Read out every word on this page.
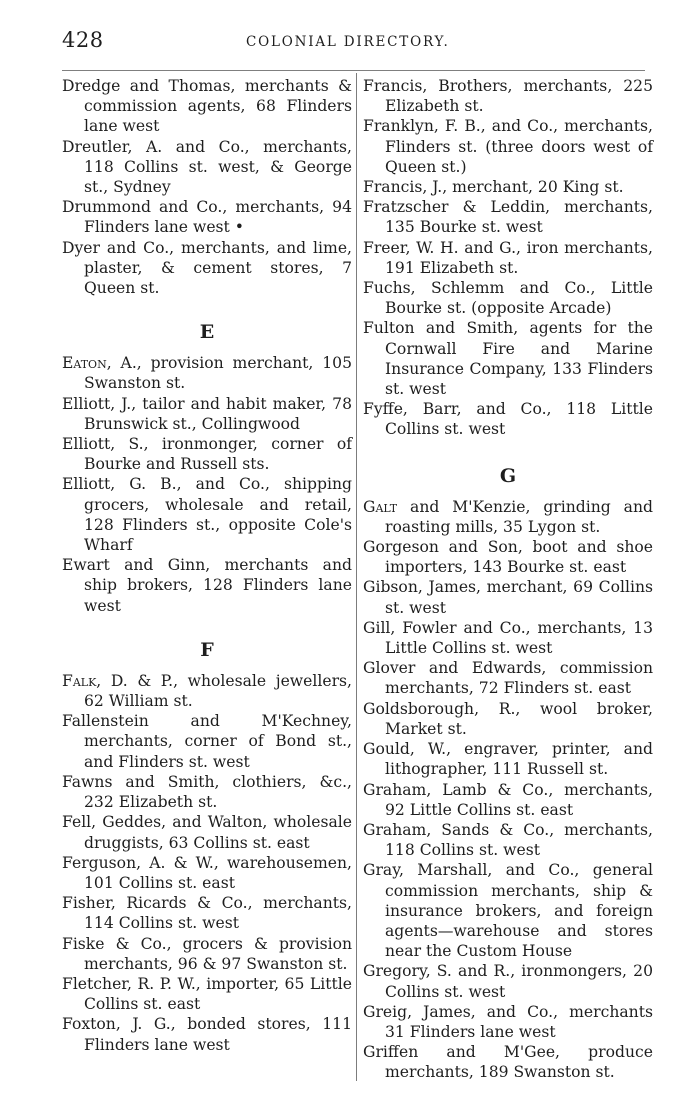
428	COLONIAL DIRECTORY.
Dredge and Thomas, merchants & commission agents, 68 Flinders lane west
Dreutler, A. and Co., merchants, 118 Collins st. west, & George st., Sydney
Drummond and Co., merchants, 94 Flinders lane west •
Dyer and Co., merchants, and lime, plaster, & cement stores, 7 Queen st.
E
Eaton, A., provision merchant, 105 Swanston st.
Elliott, J., tailor and habit maker, 78 Brunswick st., Collingwood
Elliott, S., ironmonger, corner of Bourke and Russell sts.
Elliott, G. B., and Co., shipping grocers, wholesale and retail, 128 Flinders st., opposite Cole's Wharf
Ewart and Ginn, merchants and ship brokers, 128 Flinders lane west
F
Falk, D. & P., wholesale jewellers, 62 William st.
Fallenstein and M'Kechney, merchants, corner of Bond st., and Flinders st. west
Fawns and Smith, clothiers, &c., 232 Elizabeth st.
Fell, Geddes, and Walton, wholesale druggists, 63 Collins st. east
Ferguson, A. & W., warehousemen, 101 Collins st. east
Fisher, Ricards & Co., merchants, 114 Collins st. west
Fiske & Co., grocers & provision merchants, 96 & 97 Swanston st.
Fletcher, R. P. W., importer, 65 Little Collins st. east
Foxton, J. G., bonded stores, 111 Flinders lane west
Francis, Brothers, merchants, 225 Elizabeth st.
Franklyn, F. B., and Co., merchants, Flinders st. (three doors west of Queen st.)
Francis, J., merchant, 20 King st.
Fratzscher & Leddin, merchants, 135 Bourke st. west
Freer, W. H. and G., iron merchants, 191 Elizabeth st.
Fuchs, Schlemm and Co., Little Bourke st. (opposite Arcade)
Fulton and Smith, agents for the Cornwall Fire and Marine Insurance Company, 133 Flinders st. west
Fyffe, Barr, and Co., 118 Little Collins st. west
G
Galt and M'Kenzie, grinding and roasting mills, 35 Lygon st.
Gorgeson and Son, boot and shoe importers, 143 Bourke st. east
Gibson, James, merchant, 69 Collins st. west
Gill, Fowler and Co., merchants, 13 Little Collins st. west
Glover and Edwards, commission merchants, 72 Flinders st. east
Goldsborough, R., wool broker, Market st.
Gould, W., engraver, printer, and lithographer, 111 Russell st.
Graham, Lamb & Co., merchants, 92 Little Collins st. east
Graham, Sands & Co., merchants, 118 Collins st. west
Gray, Marshall, and Co., general commission merchants, ship & insurance brokers, and foreign agents—warehouse and stores near the Custom House
Gregory, S. and R., ironmongers, 20 Collins st. west
Greig, James, and Co., merchants 31 Flinders lane west
Griffen and M'Gee, produce merchants, 189 Swanston st.
